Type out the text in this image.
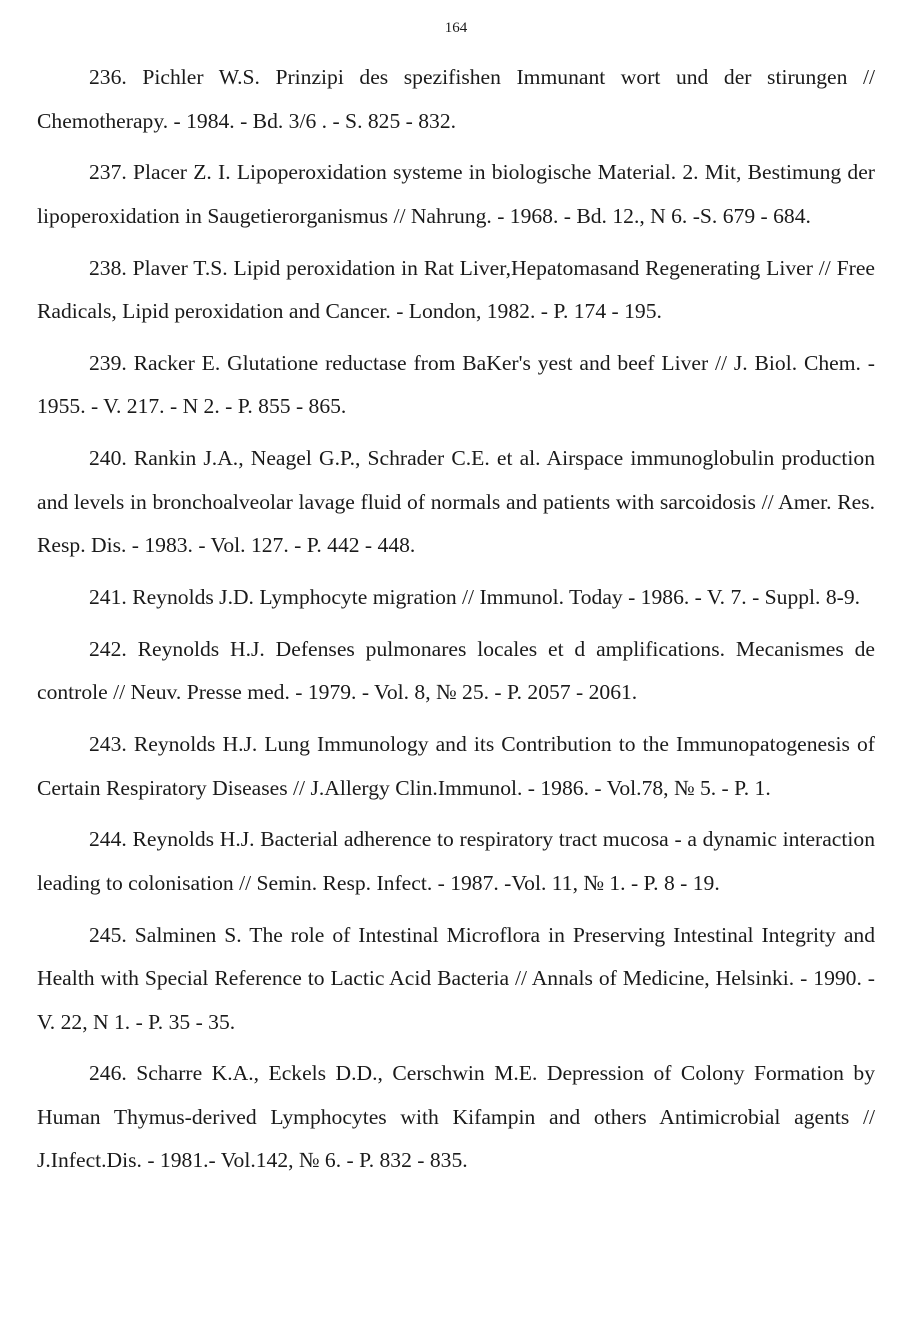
164

236. Pichler W.S. Prinzipi des spezifishen Immunant wort und der stirungen // Chemotherapy. - 1984. - Bd. 3/6 . - S. 825 - 832.

237. Placer Z. I. Lipoperoxidation systeme in biologische Material. 2. Mit, Bestimung der lipoperoxidation in Saugetierorganismus // Nahrung. - 1968. - Bd. 12., N 6. -S. 679 - 684.

238. Plaver T.S. Lipid peroxidation in Rat Liver,Hepatomasand Regenerating Liver // Free Radicals, Lipid peroxidation and Cancer. - London, 1982. - P. 174 - 195.

239. Racker E. Glutatione reductase from BaKer's yest and beef Liver // J. Biol. Chem. - 1955. - V. 217. - N 2. - P. 855 - 865.

240. Rankin J.A., Neagel G.P., Schrader C.E. et al. Airspace immunoglobulin production and levels in bronchoalveolar lavage fluid of normals and patients with sarcoidosis // Amer. Res. Resp. Dis. - 1983. - Vol. 127. - P. 442 - 448.

241. Reynolds J.D. Lymphocyte migration // Immunol. Today - 1986. - V. 7. - Suppl. 8-9.

242. Reynolds H.J. Defenses pulmonares locales et d amplifications. Mecanismes de controle // Neuv. Presse med. - 1979. - Vol. 8, № 25. - P. 2057 - 2061.

243. Reynolds H.J. Lung Immunology and its Contribution to the Immunopatogenesis of Certain Respiratory Diseases // J.Allergy Clin.Immunol. - 1986. - Vol.78, № 5. - P. 1.

244. Reynolds H.J. Bacterial adherence to respiratory tract mucosa - a dynamic interaction leading to colonisation // Semin. Resp. Infect. - 1987. -Vol. 11, № 1. - P. 8 - 19.

245. Salminen S. The role of Intestinal Microflora in Preserving Intestinal Integrity and Health with Special Reference to Lactic Acid Bacteria // Annals of Medicine, Helsinki. - 1990. - V. 22, N 1. - P. 35 - 35.

246. Scharre K.A., Eckels D.D., Cerschwin M.E. Depression of Colony Formation by Human Thymus-derived Lymphocytes with Kifampin and others Antimicrobial agents // J.Infect.Dis. - 1981.- Vol.142, № 6. - P. 832 - 835.
